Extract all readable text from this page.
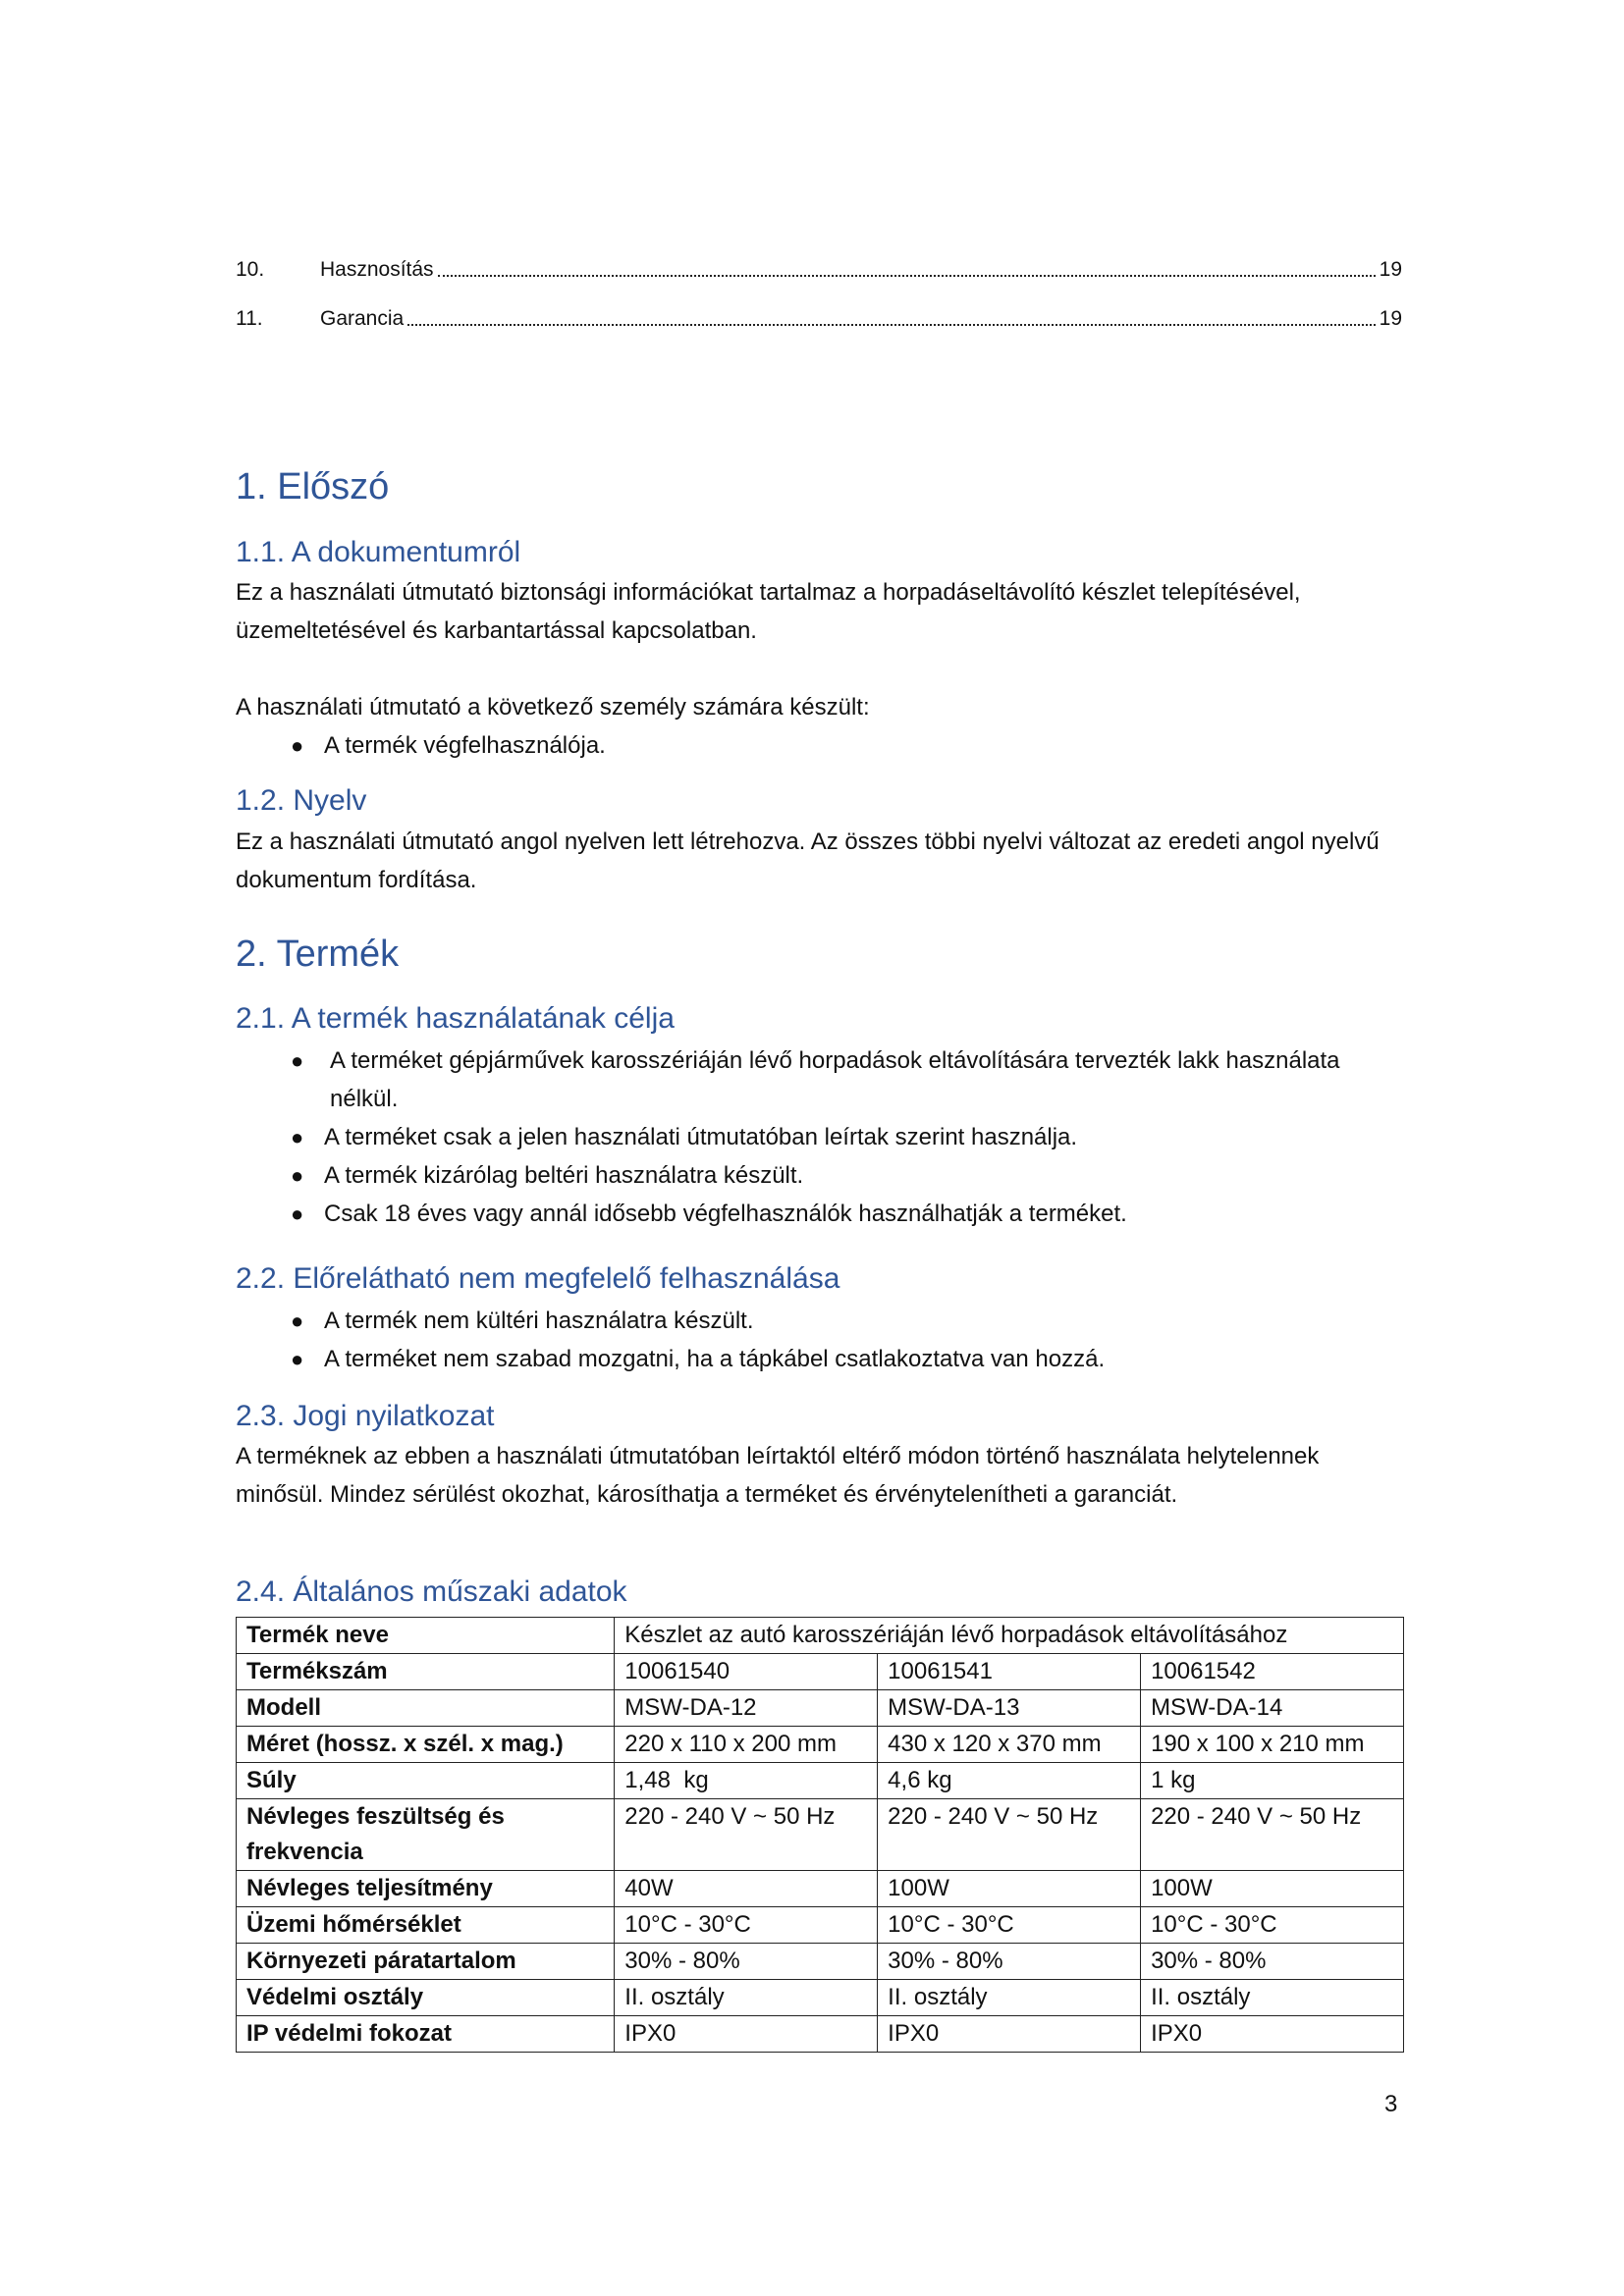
10.	Hasznosítás	19
11.	Garancia	19
1. Előszó
1.1. A dokumentumról
Ez a használati útmutató biztonsági információkat tartalmaz a horpadáseltávolító készlet telepítésével, üzemeltetésével és karbantartással kapcsolatban.
A használati útmutató a következő személy számára készült:
● A termék végfelhasználója.
1.2. Nyelv
Ez a használati útmutató angol nyelven lett létrehozva. Az összes többi nyelvi változat az eredeti angol nyelvű dokumentum fordítása.
2. Termék
2.1. A termék használatának célja
● A terméket gépjárművek karosszériáján lévő horpadások eltávolítására tervezték lakk használata nélkül.
● A terméket csak a jelen használati útmutatóban leírtak szerint használja.
● A termék kizárólag beltéri használatra készült.
● Csak 18 éves vagy annál idősebb végfelhasználók használhatják a terméket.
2.2. Előrelátható nem megfelelő felhasználása
● A termék nem kültéri használatra készült.
● A terméket nem szabad mozgatni, ha a tápkábel csatlakoztatva van hozzá.
2.3. Jogi nyilatkozat
A terméknek az ebben a használati útmutatóban leírtaktól eltérő módon történő használata helytelennek minősül. Mindez sérülést okozhat, károsíthatja a terméket és érvénytelenítheti a garanciát.
2.4. Általános műszaki adatok
Termék neve	Készlet az autó karosszériáján lévő horpadások eltávolításához		
Termékszám	10061540	10061541	10061542
Modell	MSW-DA-12	MSW-DA-13	MSW-DA-14
Méret (hossz. x szél. x mag.)	220 x 110 x 200 mm	430 x 120 x 370 mm	190 x 100 x 210 mm
Súly	1,48  kg	4,6 kg	1 kg
Névleges feszültség és frekvencia	220 - 240 V ~ 50 Hz	220 - 240 V ~ 50 Hz	220 - 240 V ~ 50 Hz
Névleges teljesítmény	40W	100W	100W
Üzemi hőmérséklet	10°C - 30°C	10°C - 30°C	10°C - 30°C
Környezeti páratartalom	30% - 80%	30% - 80%	30% - 80%
Védelmi osztály	II. osztály	II. osztály	II. osztály
IP védelmi fokozat	IPX0	IPX0	IPX0
3
